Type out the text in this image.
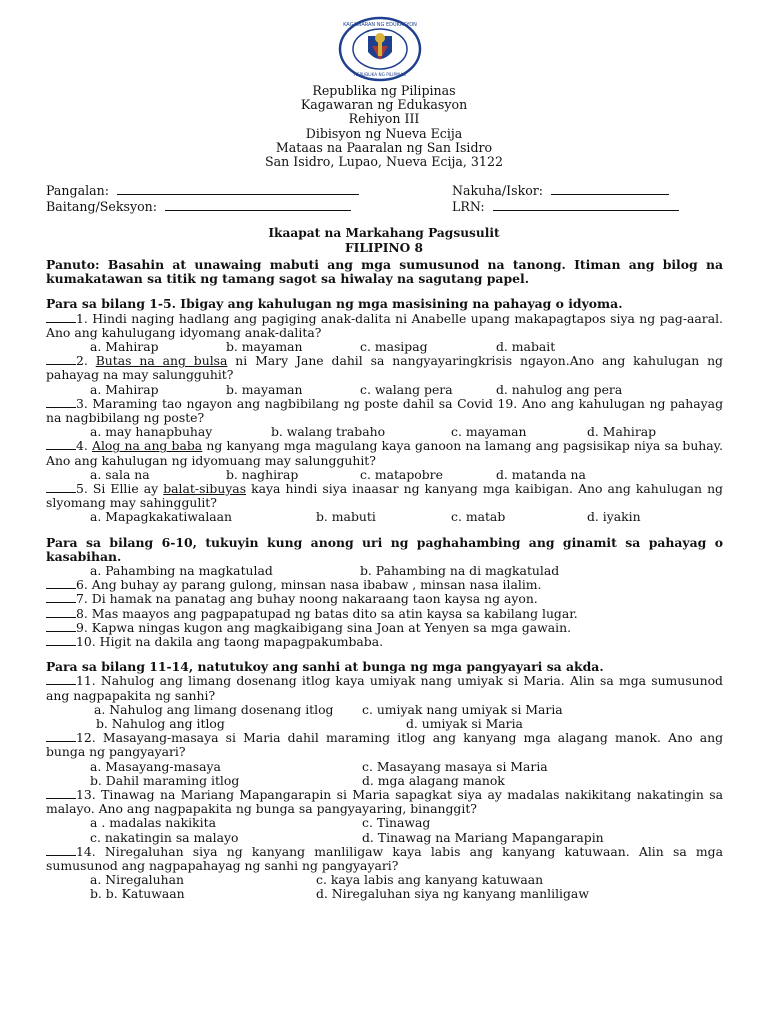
KAGAWARAN NG EDUKASYON
REPUBLIKA NG PILIPINAS
Republika ng Pilipinas
Kagawaran ng Edukasyon
Rehiyon III
Dibisyon ng Nueva Ecija
Mataas na Paaralan ng San Isidro
San Isidro, Lupao, Nueva Ecija, 3122
Pangalan:	Nakuha/Iskor:
Baitang/Seksyon:	LRN:
Ikaapat na Markahang Pagsusulit
FILIPINO 8

Panuto: Basahin at unawaing mabuti ang mga sumusunod na tanong. Itiman ang bilog na kumakatawan sa titik ng tamang sagot sa hiwalay na sagutang papel.

Para sa bilang 1-5. Ibigay ang kahulugan ng mga masisining na pahayag o idyoma.

1. Hindi naging hadlang ang pagiging anak-dalita ni Anabelle upang makapagtapos siya ng pag-aaral. Ano ang kahulugang idyomang anak-dalita?

a. Mahirap	b. mayaman	c. masipag	d. mabait

2. Butas na ang bulsa ni Mary Jane dahil sa nangyayaringkrisis ngayon.Ano ang kahulugan ng pahayag na may salungguhit?

a. Mahirap	b. mayaman	c. walang pera	d. nahulog ang pera

3. Maraming tao ngayon ang nagbibilang ng poste dahil sa Covid 19. Ano ang kahulugan ng pahayag na nagbibilang ng poste?

a. may hanapbuhay	b. walang trabaho	c. mayaman	d. Mahirap

4. Alog na ang baba ng kanyang mga magulang kaya ganoon na lamang ang pagsisikap niya sa buhay. Ano ang kahulugan ng idyomuang may salungguhit?

a. sala na	b. naghirap	c. matapobre	d. matanda na

5. Si Ellie ay balat-sibuyas kaya hindi siya inaasar ng kanyang mga kaibigan. Ano ang kahulugan ng slyomang may sahinggulit?

a. Mapagkakatiwalaan	b. mabuti	c. matab	d. iyakin

Para sa bilang 6-10, tukuyin kung anong uri ng paghahambing ang ginamit sa pahayag o kasabihan.

a. Pahambing na magkatulad	b. Pahambing na di magkatulad

6. Ang buhay ay parang gulong, minsan nasa ibabaw , minsan nasa ilalim.

7. Di hamak na panatag ang buhay noong nakaraang taon kaysa ng ayon.

8. Mas maayos ang pagpapatupad ng batas dito sa atin kaysa sa kabilang lugar.

9. Kapwa ningas kugon ang magkaibigang sina Joan at Yenyen sa mga gawain.

10. Higit na dakila ang taong mapagpakumbaba.

Para sa bilang 11-14, natutukoy ang sanhi at bunga ng mga pangyayari sa akda.

11. Nahulog ang limang dosenang itlog kaya umiyak nang umiyak si Maria. Alin sa mga sumusunod ang nagpapakita ng sanhi?

a. Nahulog ang limang dosenang itlog c. umiyak nang umiyak si Maria
b. Nahulog ang itlog	d. umiyak si Maria

12. Masayang-masaya si Maria dahil maraming itlog ang kanyang mga alagang manok. Ano ang bunga ng pangyayari?

a. Masayang-masaya	c. Masayang masaya si Maria
b. Dahil maraming itlog	d. mga alagang manok

13. Tinawag na Mariang Mapangarapin si Maria sapagkat siya ay madalas nakikitang nakatingin sa malayo. Ano ang nagpapakita ng bunga sa pangyayaring, binanggit?

a . madalas nakikita	c. Tinawag
c. nakatingin sa malayo	d. Tinawag na Mariang Mapangarapin

14. Niregaluhan siya ng kanyang manliligaw kaya labis ang kanyang katuwaan. Alin sa mga sumusunod ang nagpapahayag ng sanhi ng pangyayari?

a. Niregaluhan	c. kaya labis ang kanyang katuwaan
b. b. Katuwaan	d. Niregaluhan siya ng kanyang manliligaw
